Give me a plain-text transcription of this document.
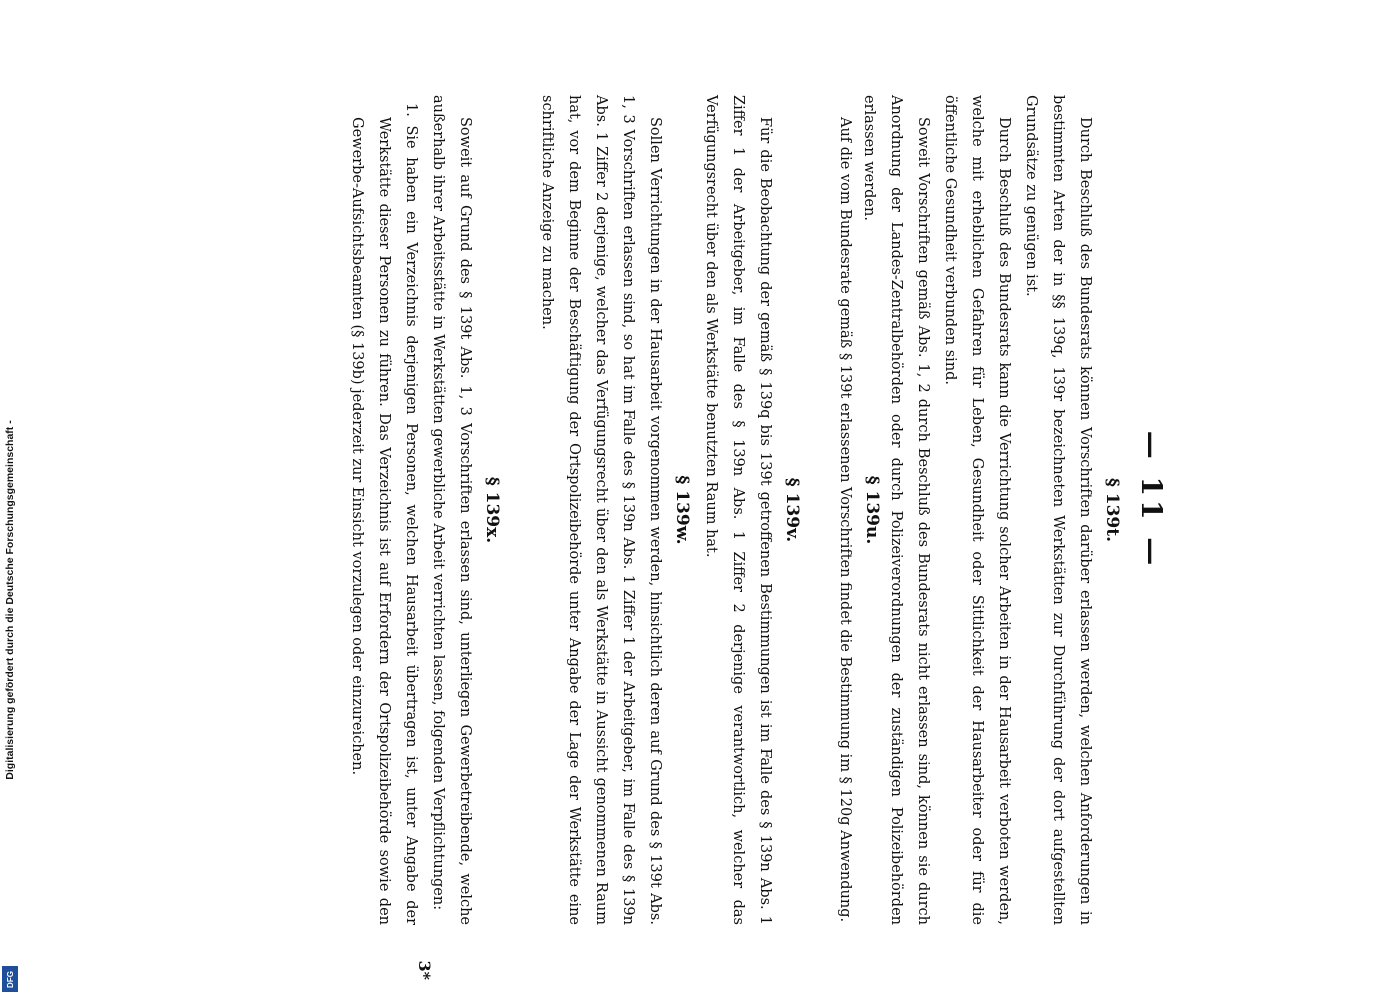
— 11 —

§ 139t.

Durch Beschluß des Bundesrats können Vorschriften darüber erlassen werden, welchen Anforderungen in bestimmten Arten der in §§ 139q, 139r bezeichneten Werkstätten zur Durchführung der dort aufgestellten Grundsätze zu genügen ist.

Durch Beschluß des Bundesrats kann die Verrichtung solcher Arbeiten in der Hausarbeit verboten werden, welche mit erheblichen Gefahren für Leben, Gesundheit oder Sittlichkeit der Hausarbeiter oder für die öffentliche Gesundheit verbunden sind.

Soweit Vorschriften gemäß Abs. 1, 2 durch Beschluß des Bundesrats nicht erlassen sind, können sie durch Anordnung der Landes-Zentralbehörden oder durch Polizeiverordnungen der zuständigen Polizeibehörden erlassen werden.

§ 139u.

Auf die vom Bundesrate gemäß § 139t erlassenen Vorschriften findet die Bestimmung im § 120g Anwendung.

§ 139v.

Für die Beobachtung der gemäß § 139q bis 139t getroffenen Bestimmungen ist im Falle des § 139n Abs. 1 Ziffer 1 der Arbeitgeber, im Falle des § 139n Abs. 1 Ziffer 2 derjenige verantwortlich, welcher das Verfügungsrecht über den als Werkstätte benutzten Raum hat.

§ 139w.

Sollen Verrichtungen in der Hausarbeit vorgenommen werden, hinsichtlich deren auf Grund des § 139t Abs. 1, 3 Vorschriften erlassen sind, so hat im Falle des § 139n Abs. 1 Ziffer 1 der Arbeitgeber, im Falle des § 139n Abs. 1 Ziffer 2 derjenige, welcher das Verfügungsrecht über den als Werkstätte in Aussicht genommenen Raum hat, vor dem Beginne der Beschäftigung der Ortspolizeibehörde unter Angabe der Lage der Werkstätte eine schriftliche Anzeige zu machen.

§ 139x.

Soweit auf Grund des § 139t Abs. 1, 3 Vorschriften erlassen sind, unterliegen Gewerbetreibende, welche außerhalb ihrer Arbeitsstätte in Werkstätten gewerbliche Arbeit verrichten lassen, folgenden Verpflichtungen:

1. Sie haben ein Verzeichnis derjenigen Personen, welchen Hausarbeit übertragen ist, unter Angabe der Werkstätte dieser Personen zu führen. Das Verzeichnis ist auf Erfordern der Ortspolizeibehörde sowie den Gewerbe-Aufsichtsbeamten (§ 139b) jederzeit zur Einsicht vorzulegen oder einzureichen.

3*
Digitalisierung gefördert durch die Deutsche Forschungsgemeinschaft -
DFG
